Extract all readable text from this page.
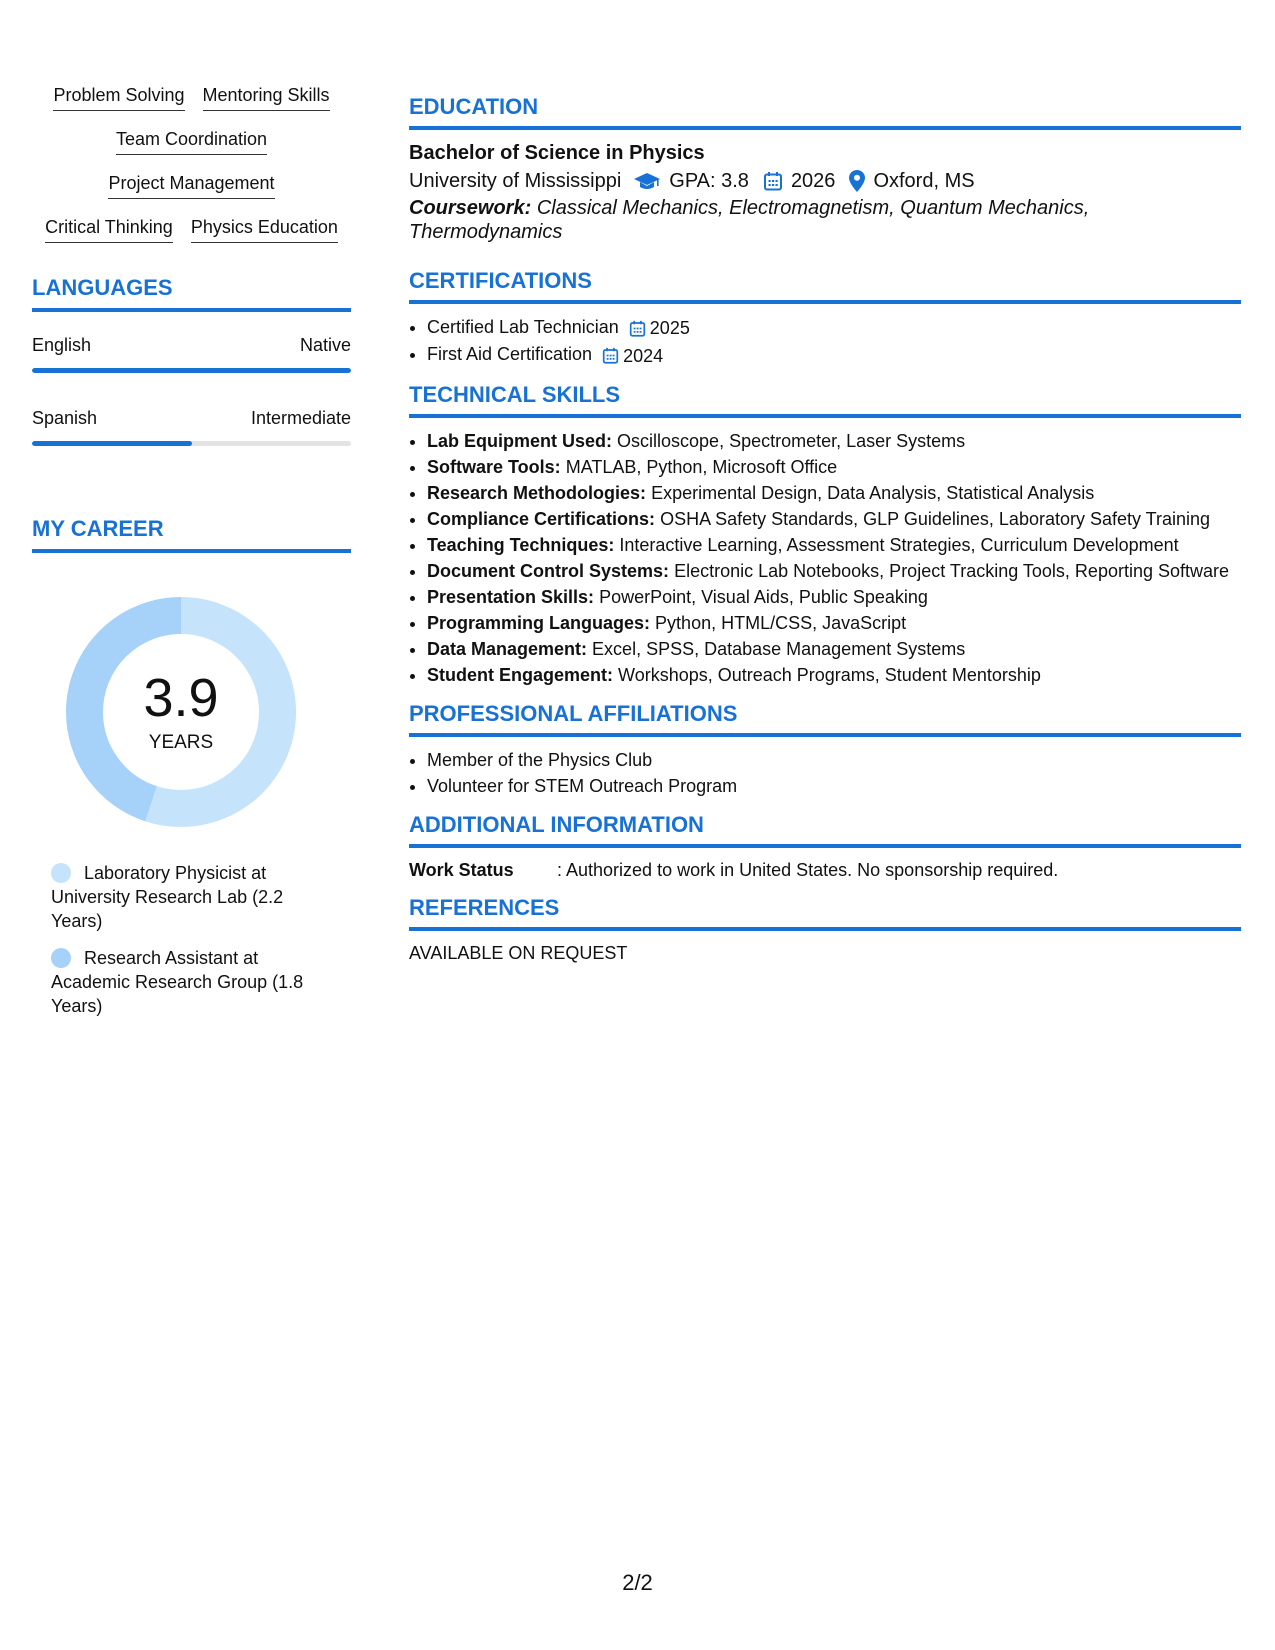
Problem Solving Mentoring Skills
Team Coordination
Project Management
Critical Thinking Physics Education
LANGUAGES
English	Native
Spanish	Intermediate
MY CAREER
3.9
YEARS
Laboratory Physicist at University Research Lab (2.2 Years)
Research Assistant at Academic Research Group (1.8 Years)
EDUCATION
Bachelor of Science in Physics
University of Mississippi GPA: 3.8 2026 Oxford, MS
Coursework: Classical Mechanics, Electromagnetism, Quantum Mechanics, Thermodynamics
CERTIFICATIONS
• Certified Lab Technician 2025
• First Aid Certification 2024
TECHNICAL SKILLS
• Lab Equipment Used: Oscilloscope, Spectrometer, Laser Systems
• Software Tools: MATLAB, Python, Microsoft Office
• Research Methodologies: Experimental Design, Data Analysis, Statistical Analysis
• Compliance Certifications: OSHA Safety Standards, GLP Guidelines, Laboratory Safety Training
• Teaching Techniques: Interactive Learning, Assessment Strategies, Curriculum Development
• Document Control Systems: Electronic Lab Notebooks, Project Tracking Tools, Reporting Software
• Presentation Skills: PowerPoint, Visual Aids, Public Speaking
• Programming Languages: Python, HTML/CSS, JavaScript
• Data Management: Excel, SPSS, Database Management Systems
• Student Engagement: Workshops, Outreach Programs, Student Mentorship
PROFESSIONAL AFFILIATIONS
• Member of the Physics Club
• Volunteer for STEM Outreach Program
ADDITIONAL INFORMATION
Work Status	: Authorized to work in United States. No sponsorship required.
REFERENCES
AVAILABLE ON REQUEST
2/2
